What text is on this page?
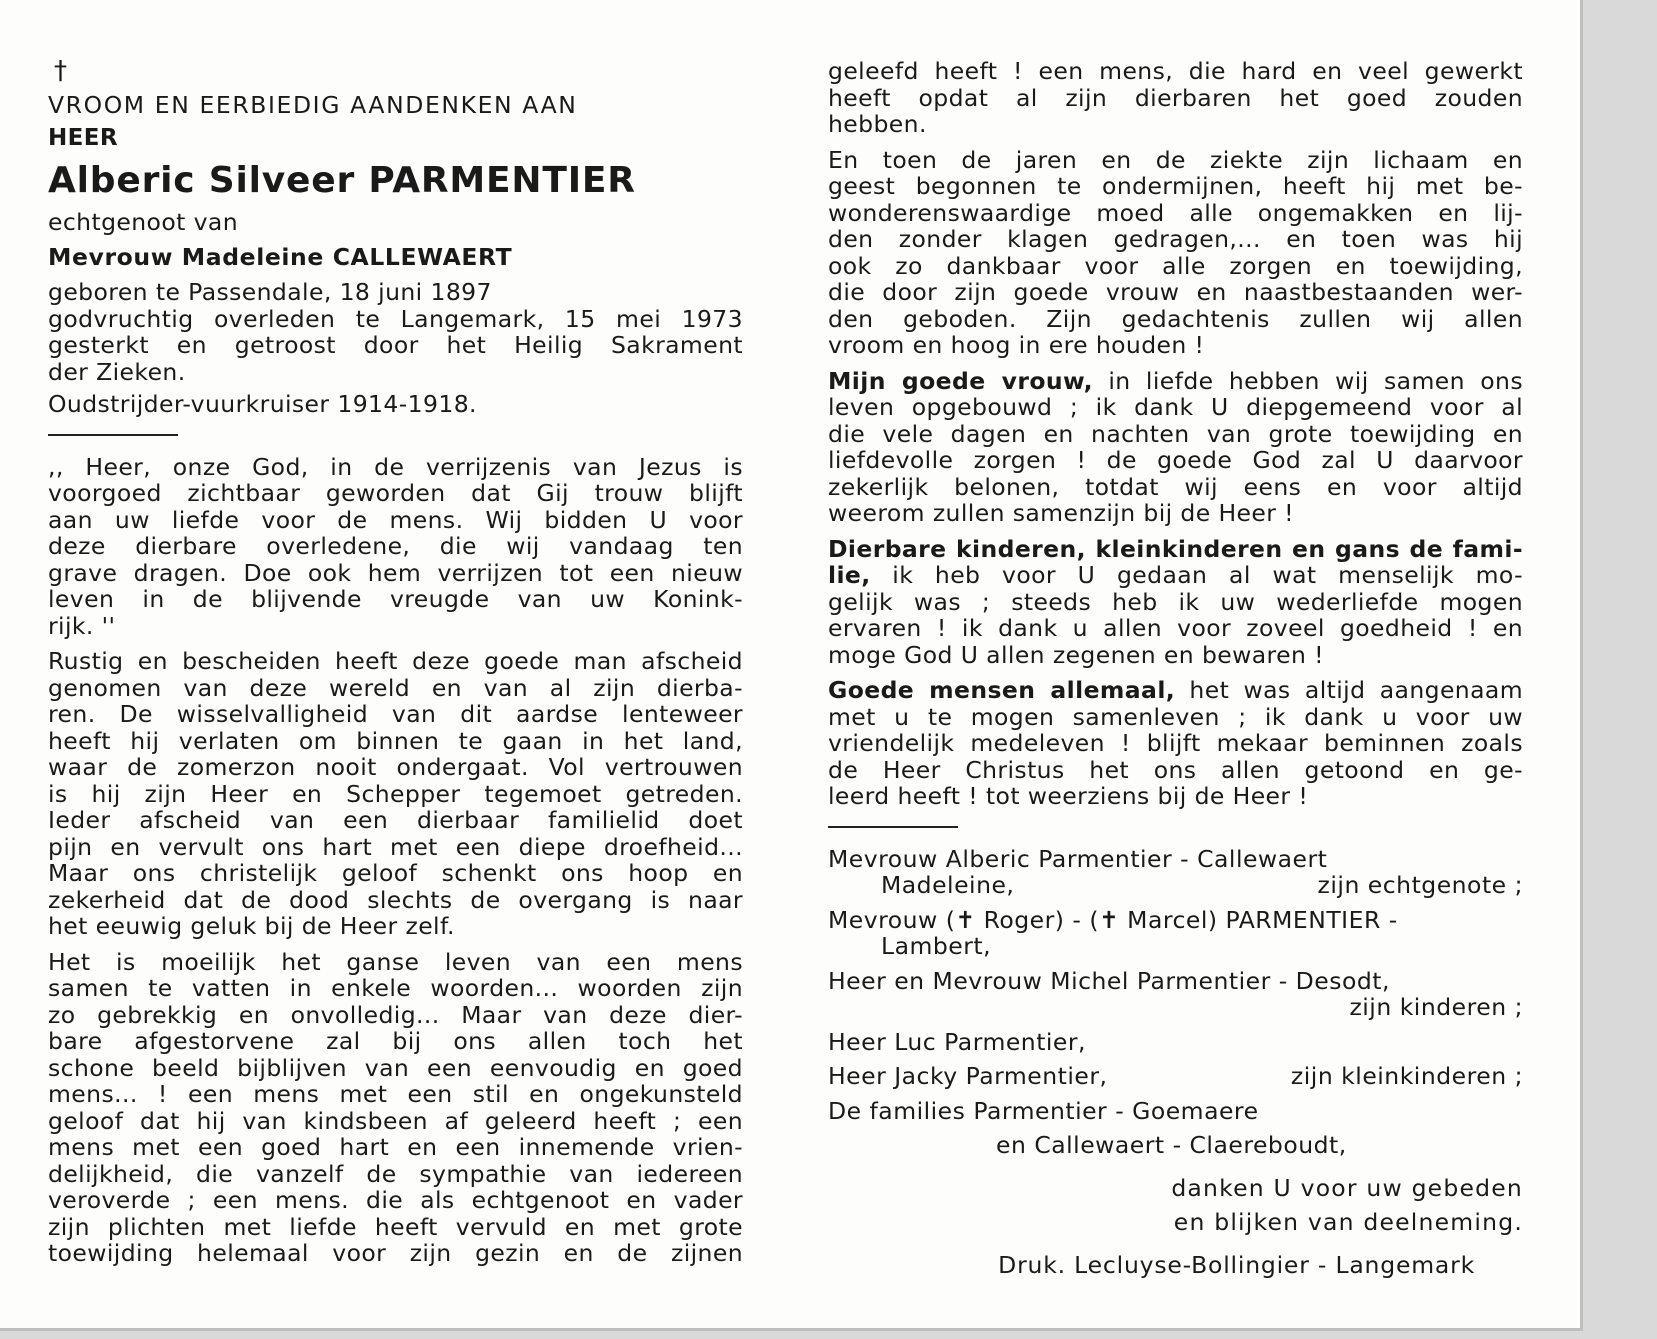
†
VROOM EN EERBIEDIG AANDENKEN AAN
HEER
Alberic Silveer PARMENTIER
echtgenoot van
Mevrouw Madeleine CALLEWAERT
geboren te Passendale, 18 juni 1897
godvruchtig overleden te Langemark, 15 mei 1973
gesterkt en getroost door het Heilig Sakrament
der Zieken.
Oudstrijder-vuurkruiser 1914-1918.
,, Heer, onze God, in de verrijzenis van Jezus is
voorgoed zichtbaar geworden dat Gij trouw blijft
aan uw liefde voor de mens. Wij bidden U voor
deze dierbare overledene, die wij vandaag ten
grave dragen. Doe ook hem verrijzen tot een nieuw
leven in de blijvende vreugde van uw Konink-
rijk. ''
Rustig en bescheiden heeft deze goede man afscheid
genomen van deze wereld en van al zijn dierba-
ren. De wisselvalligheid van dit aardse lenteweer
heeft hij verlaten om binnen te gaan in het land,
waar de zomerzon nooit ondergaat. Vol vertrouwen
is hij zijn Heer en Schepper tegemoet getreden.
Ieder afscheid van een dierbaar familielid doet
pijn en vervult ons hart met een diepe droefheid...
Maar ons christelijk geloof schenkt ons hoop en
zekerheid dat de dood slechts de overgang is naar
het eeuwig geluk bij de Heer zelf.
Het is moeilijk het ganse leven van een mens
samen te vatten in enkele woorden... woorden zijn
zo gebrekkig en onvolledig... Maar van deze dier-
bare afgestorvene zal bij ons allen toch het
schone beeld bijblijven van een eenvoudig en goed
mens... ! een mens met een stil en ongekunsteld
geloof dat hij van kindsbeen af geleerd heeft ; een
mens met een goed hart en een innemende vrien-
delijkheid, die vanzelf de sympathie van iedereen
veroverde ; een mens. die als echtgenoot en vader
zijn plichten met liefde heeft vervuld en met grote
toewijding helemaal voor zijn gezin en de zijnen
geleefd heeft ! een mens, die hard en veel gewerkt
heeft opdat al zijn dierbaren het goed zouden
hebben.
En toen de jaren en de ziekte zijn lichaam en
geest begonnen te ondermijnen, heeft hij met be-
wonderenswaardige moed alle ongemakken en lij-
den zonder klagen gedragen,... en toen was hij
ook zo dankbaar voor alle zorgen en toewijding,
die door zijn goede vrouw en naastbestaanden wer-
den geboden. Zijn gedachtenis zullen wij allen
vroom en hoog in ere houden !
Mijn goede vrouw, in liefde hebben wij samen ons
leven opgebouwd ; ik dank U diepgemeend voor al
die vele dagen en nachten van grote toewijding en
liefdevolle zorgen ! de goede God zal U daarvoor
zekerlijk belonen, totdat wij eens en voor altijd
weerom zullen samenzijn bij de Heer !
Dierbare kinderen, kleinkinderen en gans de fami-
lie, ik heb voor U gedaan al wat menselijk mo-
gelijk was ; steeds heb ik uw wederliefde mogen
ervaren ! ik dank u allen voor zoveel goedheid ! en
moge God U allen zegenen en bewaren !
Goede mensen allemaal, het was altijd aangenaam
met u te mogen samenleven ; ik dank u voor uw
vriendelijk medeleven ! blijft mekaar beminnen zoals
de Heer Christus het ons allen getoond en ge-
leerd heeft ! tot weerziens bij de Heer !
Mevrouw Alberic Parmentier - Callewaert
Madeleine,	zijn echtgenote ;
Mevrouw (✝ Roger) - (✝ Marcel) PARMENTIER -
Lambert,
Heer en Mevrouw Michel Parmentier - Desodt,
zijn kinderen ;
Heer Luc Parmentier,
Heer Jacky Parmentier,	zijn kleinkinderen ;
De families Parmentier - Goemaere
en Callewaert - Claereboudt,
danken U voor uw gebeden
en blijken van deelneming.
Druk. Lecluyse-Bollingier - Langemark
